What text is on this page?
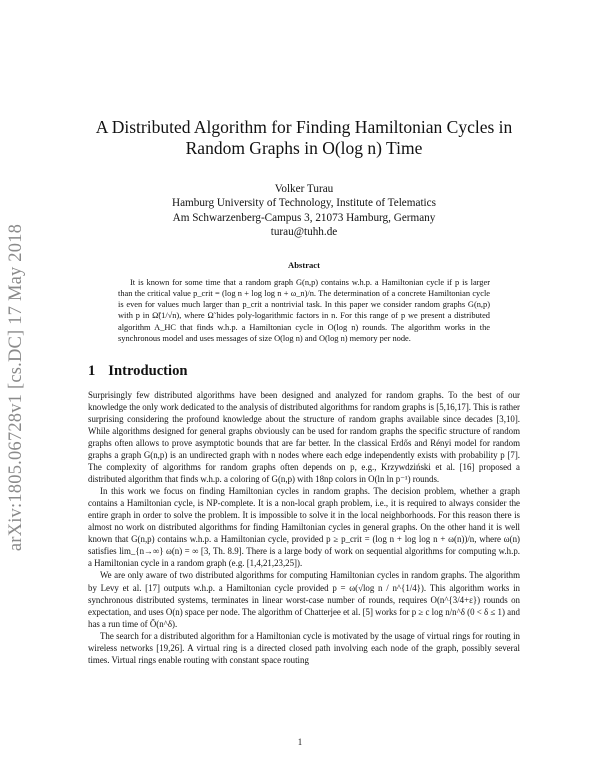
arXiv:1805.06728v1 [cs.DC] 17 May 2018
A Distributed Algorithm for Finding Hamiltonian Cycles in
Random Graphs in O(log n) Time
Volker Turau
Hamburg University of Technology, Institute of Telematics
Am Schwarzenberg-Campus 3, 21073 Hamburg, Germany
turau@tuhh.de
Abstract

It is known for some time that a random graph G(n,p) contains w.h.p. a Hamiltonian cycle if p is larger than the critical value p_crit = (log n + log log n + ω_n)/n. The determination of a concrete Hamiltonian cycle is even for values much larger than p_crit a nontrivial task. In this paper we consider random graphs G(n,p) with p in Ω̃(1/√n), where Ω̃ hides poly-logarithmic factors in n. For this range of p we present a distributed algorithm A_HC that finds w.h.p. a Hamiltonian cycle in O(log n) rounds. The algorithm works in the synchronous model and uses messages of size O(log n) and O(log n) memory per node.

1 Introduction

Surprisingly few distributed algorithms have been designed and analyzed for random graphs. To the best of our knowledge the only work dedicated to the analysis of distributed algorithms for random graphs is [5,16,17]. This is rather surprising considering the profound knowledge about the structure of random graphs available since decades [3,10]. While algorithms designed for general graphs obviously can be used for random graphs the specific structure of random graphs often allows to prove asymptotic bounds that are far better. In the classical Erdős and Rényi model for random graphs a graph G(n,p) is an undirected graph with n nodes where each edge independently exists with probability p [7]. The complexity of algorithms for random graphs often depends on p, e.g., Krzywdziński et al. [16] proposed a distributed algorithm that finds w.h.p. a coloring of G(n,p) with 18np colors in O(ln ln p⁻¹) rounds.

In this work we focus on finding Hamiltonian cycles in random graphs. The decision problem, whether a graph contains a Hamiltonian cycle, is NP-complete. It is a non-local graph problem, i.e., it is required to always consider the entire graph in order to solve the problem. It is impossible to solve it in the local neighborhoods. For this reason there is almost no work on distributed algorithms for finding Hamiltonian cycles in general graphs. On the other hand it is well known that G(n,p) contains w.h.p. a Hamiltonian cycle, provided p ≥ p_crit = (log n + log log n + ω(n))/n, where ω(n) satisfies lim_{n→∞} ω(n) = ∞ [3, Th. 8.9]. There is a large body of work on sequential algorithms for computing w.h.p. a Hamiltonian cycle in a random graph (e.g. [1,4,21,23,25]).

We are only aware of two distributed algorithms for computing Hamiltonian cycles in random graphs. The algorithm by Levy et al. [17] outputs w.h.p. a Hamiltonian cycle provided p = ω(√log n / n^{1/4}). This algorithm works in synchronous distributed systems, terminates in linear worst-case number of rounds, requires O(n^{3/4+ε}) rounds on expectation, and uses O(n) space per node. The algorithm of Chatterjee et al. [5] works for p ≥ c log n/n^δ (0 < δ ≤ 1) and has a run time of Õ(n^δ).

The search for a distributed algorithm for a Hamiltonian cycle is motivated by the usage of virtual rings for routing in wireless networks [19,26]. A virtual ring is a directed closed path involving each node of the graph, possibly several times. Virtual rings enable routing with constant space routing

1
